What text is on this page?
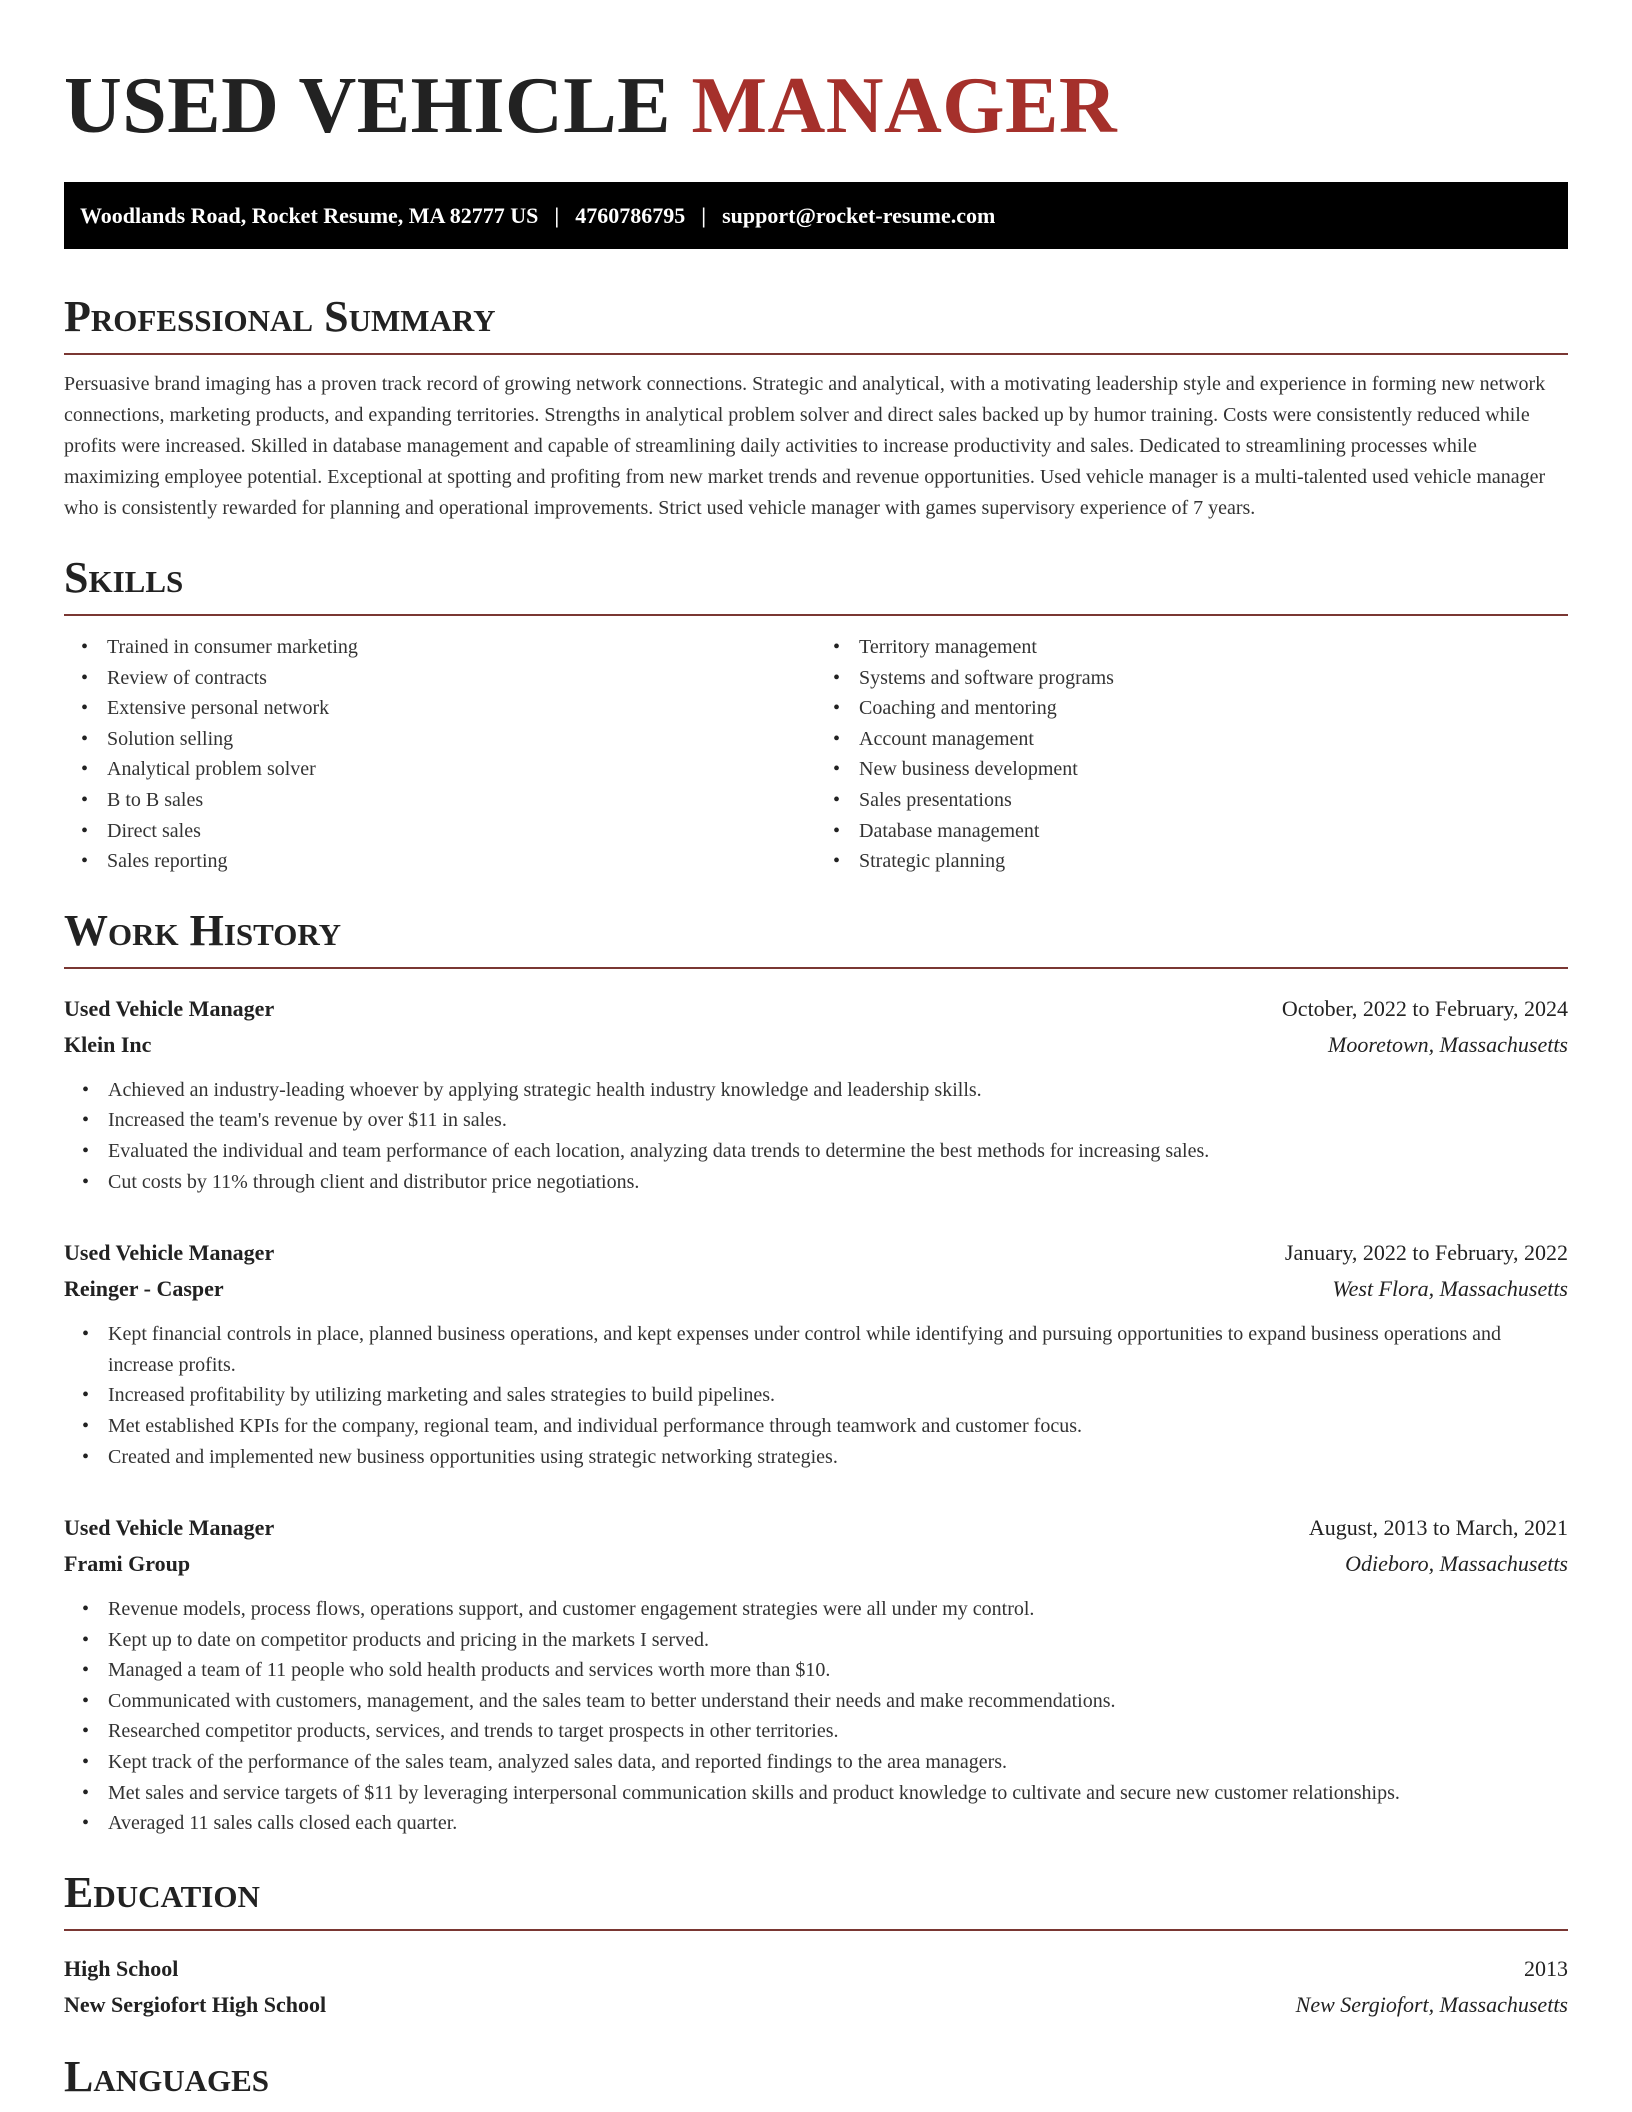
USED VEHICLE MANAGER
Woodlands Road, Rocket Resume, MA 82777 US | 4760786795 | support@rocket-resume.com
Professional Summary

Persuasive brand imaging has a proven track record of growing network connections. Strategic and analytical, with a motivating leadership style and experience in forming new network connections, marketing products, and expanding territories. Strengths in analytical problem solver and direct sales backed up by humor training. Costs were consistently reduced while profits were increased. Skilled in database management and capable of streamlining daily activities to increase productivity and sales. Dedicated to streamlining processes while maximizing employee potential. Exceptional at spotting and profiting from new market trends and revenue opportunities. Used vehicle manager is a multi-talented used vehicle manager who is consistently rewarded for planning and operational improvements. Strict used vehicle manager with games supervisory experience of 7 years.

Skills
• Trained in consumer marketing
• Review of contracts
• Extensive personal network
• Solution selling
• Analytical problem solver
• B to B sales
• Direct sales
• Sales reporting
• Territory management
• Systems and software programs
• Coaching and mentoring
• Account management
• New business development
• Sales presentations
• Database management
• Strategic planning
Work History
Used Vehicle Manager	October, 2022 to February, 2024
Klein Inc	Mooretown, Massachusetts
• Achieved an industry-leading whoever by applying strategic health industry knowledge and leadership skills.
• Increased the team's revenue by over $11 in sales.
• Evaluated the individual and team performance of each location, analyzing data trends to determine the best methods for increasing sales.
• Cut costs by 11% through client and distributor price negotiations.
Used Vehicle Manager	January, 2022 to February, 2022
Reinger - Casper	West Flora, Massachusetts
• Kept financial controls in place, planned business operations, and kept expenses under control while identifying and pursuing opportunities to expand business operations and increase profits.
• Increased profitability by utilizing marketing and sales strategies to build pipelines.
• Met established KPIs for the company, regional team, and individual performance through teamwork and customer focus.
• Created and implemented new business opportunities using strategic networking strategies.
Used Vehicle Manager	August, 2013 to March, 2021
Frami Group	Odieboro, Massachusetts
• Revenue models, process flows, operations support, and customer engagement strategies were all under my control.
• Kept up to date on competitor products and pricing in the markets I served.
• Managed a team of 11 people who sold health products and services worth more than $10.
• Communicated with customers, management, and the sales team to better understand their needs and make recommendations.
• Researched competitor products, services, and trends to target prospects in other territories.
• Kept track of the performance of the sales team, analyzed sales data, and reported findings to the area managers.
• Met sales and service targets of $11 by leveraging interpersonal communication skills and product knowledge to cultivate and secure new customer relationships.
• Averaged 11 sales calls closed each quarter.
Education
High School	2013
New Sergiofort High School	New Sergiofort, Massachusetts
Languages
